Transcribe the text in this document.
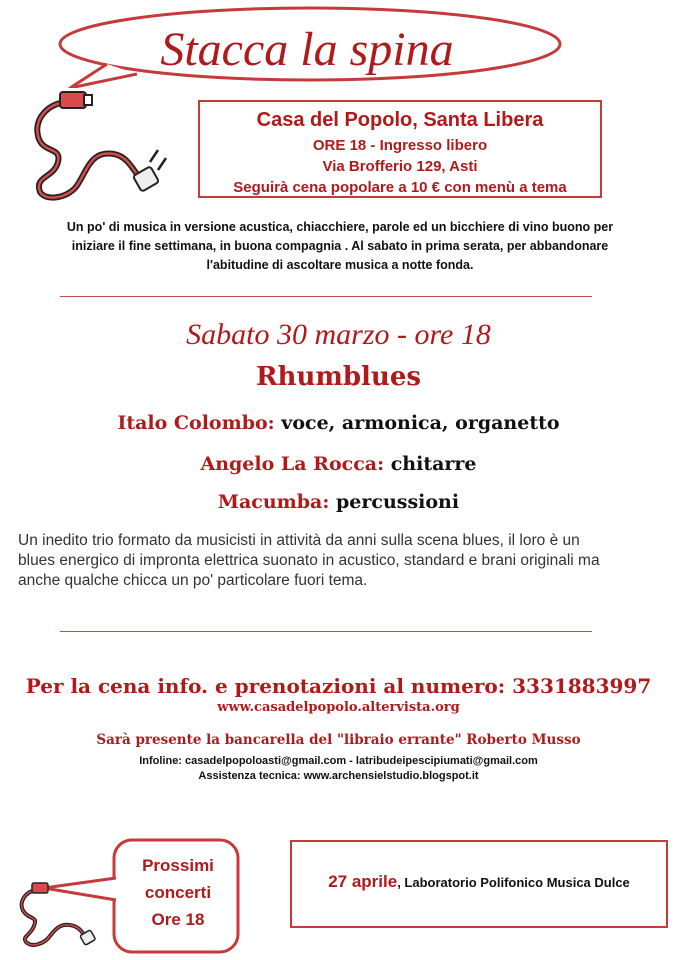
Stacca la spina
Casa del Popolo, Santa Libera
ORE 18 - Ingresso libero
Via Brofferio 129, Asti
Seguirà cena popolare a 10 € con menù a tema
Un po' di musica in versione acustica, chiacchiere, parole ed un bicchiere di vino buono per
iniziare il fine settimana, in buona compagnia . Al sabato in prima serata, per abbandonare
l'abitudine di ascoltare musica a notte fonda.
Sabato 30 marzo - ore 18
Rhumblues
Italo Colombo: voce, armonica, organetto
Angelo La Rocca: chitarre
Macumba: percussioni
Un inedito trio formato da musicisti in attività da anni sulla scena blues, il loro è un
blues energico di impronta elettrica suonato in acustico, standard e brani originali ma
anche qualche chicca un po' particolare fuori tema.
Per la cena info. e prenotazioni al numero: 3331883997
www.casadelpopolo.altervista.org
Sarà presente la bancarella del "libraio errante" Roberto Musso
Infoline: casadelpopoloasti@gmail.com - latribudeipescipiumati@gmail.com
Assistenza tecnica: www.archensielstudio.blogspot.it
Prossimi
concerti
Ore 18
27 aprile, Laboratorio Polifonico Musica Dulce
